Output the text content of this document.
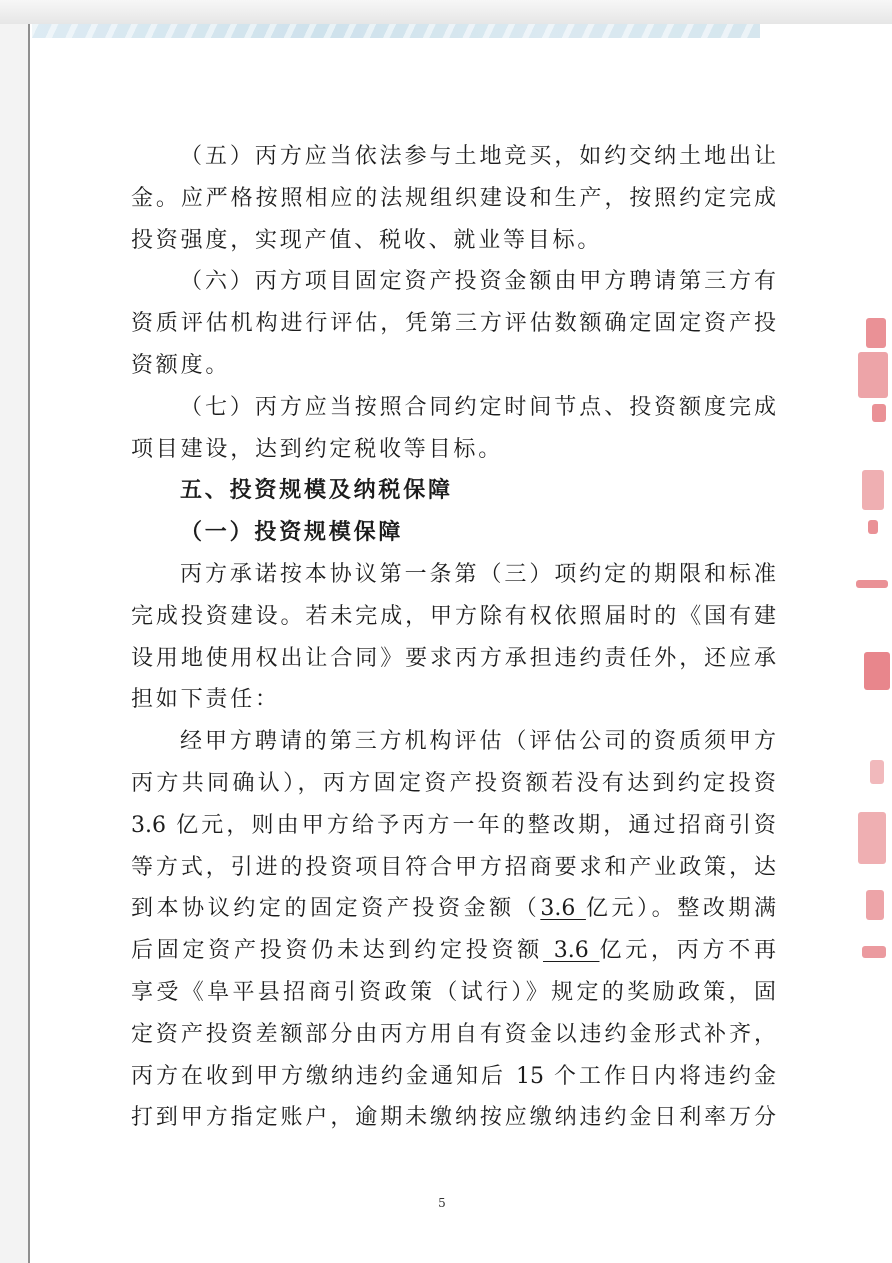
（五）丙方应当依法参与土地竞买，如约交纳土地出让
金。应严格按照相应的法规组织建设和生产，按照约定完成
投资强度，实现产值、税收、就业等目标。
（六）丙方项目固定资产投资金额由甲方聘请第三方有
资质评估机构进行评估，凭第三方评估数额确定固定资产投
资额度。
（七）丙方应当按照合同约定时间节点、投资额度完成
项目建设，达到约定税收等目标。
五、投资规模及纳税保障
（一）投资规模保障
丙方承诺按本协议第一条第（三）项约定的期限和标准
完成投资建设。若未完成，甲方除有权依照届时的《国有建
设用地使用权出让合同》要求丙方承担违约责任外，还应承
担如下责任：
经甲方聘请的第三方机构评估（评估公司的资质须甲方
丙方共同确认），丙方固定资产投资额若没有达到约定投资
3.6 亿元，则由甲方给予丙方一年的整改期，通过招商引资
等方式，引进的投资项目符合甲方招商要求和产业政策，达
到本协议约定的固定资产投资金额（3.6 亿元）。整改期满
后固定资产投资仍未达到约定投资额 3.6 亿元，丙方不再
享受《阜平县招商引资政策（试行）》规定的奖励政策，固
定资产投资差额部分由丙方用自有资金以违约金形式补齐，
丙方在收到甲方缴纳违约金通知后 15 个工作日内将违约金
打到甲方指定账户，逾期未缴纳按应缴纳违约金日利率万分
5
